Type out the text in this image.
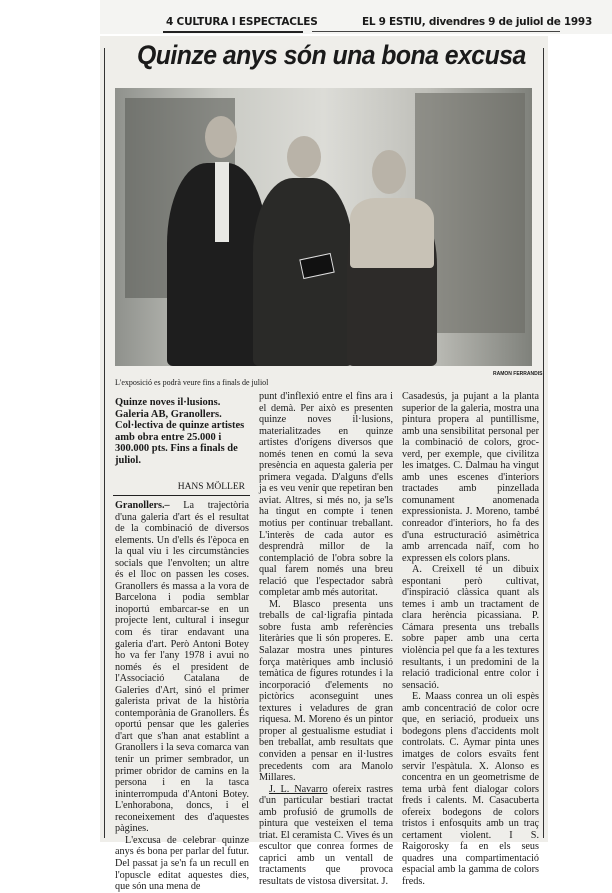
4 CULTURA I ESPECTACLES	EL 9 ESTIU, divendres 9 de juliol de 1993
Quinze anys són una bona excusa
RAMON FERRANDIS
L'exposició es podrà veure fins a finals de juliol
Quinze noves il·lusions. Galeria AB, Granollers. Col·lectiva de quinze artistes amb obra entre 25.000 i 300.000 pts. Fins a finals de juliol.
HANS MÖLLER

Granollers.– La trajectòria d'una galeria d'art és el resultat de la combinació de diversos elements. Un d'ells és l'època en la qual viu i les circumstàncies socials que l'envolten; un altre és el lloc on passen les coses. Granollers és massa a la vora de Barcelona i podia semblar inoportú embarcar-se en un projecte lent, cultural i insegur com és tirar endavant una galeria d'art. Però Antoni Botey ho va fer l'any 1978 i avui no només és el president de l'Associació Catalana de Galeries d'Art, sinó el primer galerista privat de la història contemporània de Granollers. És oportú pensar que les galeries d'art que s'han anat establint a Granollers i la seva comarca van tenir un primer sembrador, un primer obridor de camins en la persona i en la tasca ininterrompuda d'Antoni Botey. L'enhorabona, doncs, i el reconeixement des d'aquestes pàgines.

L'excusa de celebrar quinze anys és bona per parlar del futur. Del passat ja se'n fa un recull en l'opuscle editat aquestes dies, que són una mena de

punt d'inflexió entre el fins ara i el demà. Per això es presenten quinze noves il·lusions, materialitzades en quinze artistes d'orígens diversos que només tenen en comú la seva presència en aquesta galeria per primera vegada. D'alguns d'ells ja es veu venir que repetiran ben aviat. Altres, si més no, ja se'ls ha tingut en compte i tenen motius per continuar treballant. L'interès de cada autor es desprendrà millor de la contemplació de l'obra sobre la qual farem només una breu relació que l'espectador sabrà completar amb més autoritat.

M. Blasco presenta uns treballs de cal·ligrafia pintada sobre fusta amb referències literàries que li són properes. E. Salazar mostra unes pintures força matèriques amb inclusió temàtica de figures rotundes i la incorporació d'elements no pictòrics aconseguint unes textures i veladures de gran riquesa. M. Moreno és un pintor proper al gestualisme estudiat i ben treballat, amb resultats que conviden a pensar en il·lustres precedents com ara Manolo Millares.

J. L. Navarro ofereix rastres d'un particular bestiari tractat amb profusió de grumolls de pintura que vesteixen el tema triat. El ceramista C. Vives és un escultor que conrea formes de caprici amb un ventall de tractaments que provoca resultats de vistosa diversitat. J.

Casadesús, ja pujant a la planta superior de la galeria, mostra una pintura propera al puntillisme, amb una sensibilitat personal per la combinació de colors, groc-verd, per exemple, que civilitza les imatges. C. Dalmau ha vingut amb unes escenes d'interiors tractades amb pinzellada comunament anomenada expressionista. J. Moreno, també conreador d'interiors, ho fa des d'una estructuració asimètrica amb arrencada naïf, com ho expressen els colors plans.

A. Creixell té un dibuix espontani però cultivat, d'inspiració clàssica quant als temes i amb un tractament de clara herència picassiana. P. Cámara presenta uns treballs sobre paper amb una certa violència pel que fa a les textures resultants, i un predomini de la relació tradicional entre color i sensació.

E. Maass conrea un oli espès amb concentració de color ocre que, en seriació, produeix uns bodegons plens d'accidents molt controlats. C. Aymar pinta unes imatges de colors esvaïts fent servir l'espàtula. X. Alonso es concentra en un geometrisme de tema urbà fent dialogar colors freds i calents. M. Casacuberta ofereix bodegons de colors tristos i enfosquits amb un traç certament violent. I S. Raigorosky fa en els seus quadres una compartimentació espacial amb la gamma de colors freds.
